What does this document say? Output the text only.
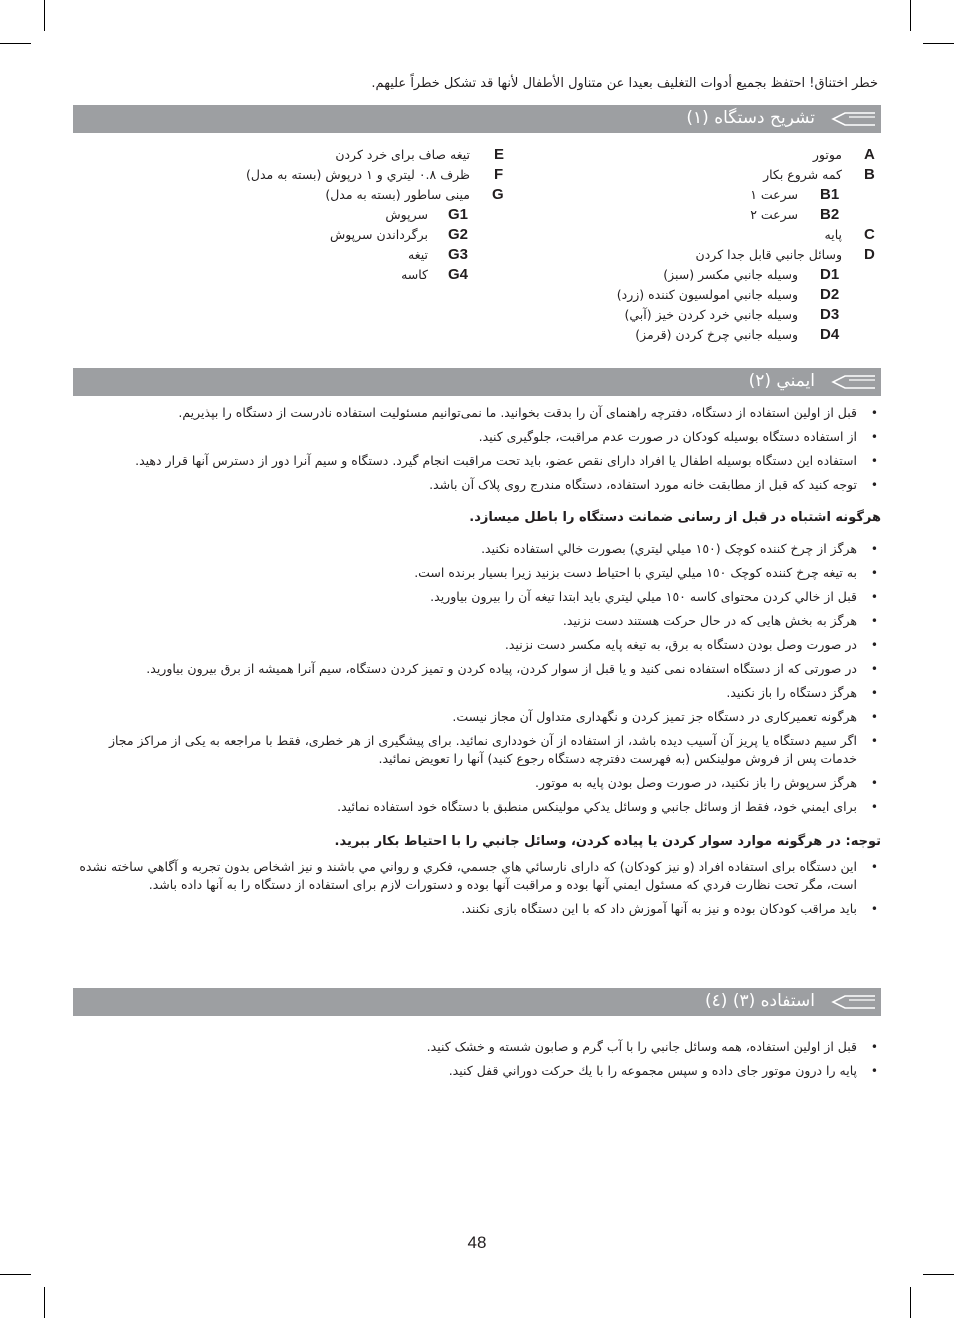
خطر اختناق! احتفظ بجميع أدوات التغليف بعيدا عن متناول الأطفال لأنها قد تشكل خطراً عليهم.
تشريح دستگاه (١)
A
موتور
B
کمه شروع بکار
B1
سرعت ١
B2
سرعت ٢
C
پایه
D
وسائل جانبي قابل جدا کردن
D1
وسیله جانبي مکسر (سبز)
D2
وسیله جانبي امولسیون کننده (زرد)
D3
وسیله جانبي خرد کردن خیز (آبي)
D4
وسیله جانبي چرخ کردن (قرمز)
E
تیغه صاف برای خرد کردن
F
ظرف ٠.٨ لیتري و ١ درپوش (بسته به مدل)
G
مینی ساطور (بسته به مدل)
G1
سرپوش
G2
برگرداندن سرپوش
G3
تیغه
G4
کاسه
ايمني (٢)
• قبل از اولین استفاده از دستگاه، دفترچه راهنمای آن را بدقت بخوانید. ما نمی‌توانیم مسئولیت استفاده نادرست از دستگاه را بپذیریم.
• از استفاده دستگاه بوسیله کودکان در صورت عدم مراقبت، جلوگیری کنید.
• استفاده این دستگاه بوسیله اطفال یا افراد دارای نقص عضو، باید تحت مراقبت انجام گیرد. دستگاه و سیم آنرا دور از دسترس آنها قرار دهید.
• توجه کنید که قبل از مطابقت خانه مورد استفاده، دستگاه مندرج روی پلاک آن باشد.
هرگونه اشتباه در قبل از رسانی ضمانت دستگاه را باطل میسازد.
• هرگز از چرخ کننده کوچک (١٥٠ میلي لیتري) بصورت خالي استفاده نکنید.
• به تیغه چرخ کننده کوچک ١٥٠ میلي لیتري با احتیاط دست بزنید زیرا بسیار برنده است.
• قبل از خالي کردن محتوای کاسه ١٥٠ میلي لیتري باید ابتدا تیغه آن را بیرون بیاورید.
• هرگز به بخش هایی که در حال حرکت هستند دست نزنید.
• در صورت وصل بودن دستگاه به برق، به تیغه پایه مکسر دست نزنید.
• در صورتی که از دستگاه استفاده نمی کنید و یا قبل از سوار کردن، پیاده کردن و تمیز کردن دستگاه، سیم آنرا همیشه از برق بیرون بیاورید.
• هرگز دستگاه را باز نکنید.
• هرگونه تعمیرکاری در دستگاه جز تمیز کردن و نگهداری متداول آن مجاز نیست.
• اگر سیم دستگاه یا پریز آن آسیب دیده باشد، از استفاده از آن خودداری نمائید. برای پیشگیری از هر خطری، فقط با مراجعه به یکی از مراکز مجاز خدمات پس از فروش مولینکس (به فهرست دفترچه دستگاه رجوع کنید) آنها را تعویض نمائید.
• هرگز سرپوش را باز نکنید، در صورت وصل بودن پایه به موتور.
• برای ایمني خود، فقط از وسائل جانبي و وسائل یدکي مولینکس منطبق با دستگاه خود استفاده نمائید.
توجه: در هرگونه موارد سوار کردن یا پیاده کردن، وسائل جانبي را با احتیاط بکار ببرید.
• این دستگاه برای استفاده افراد (و نیز کودکان) که دارای نارسائي هاي جسمي، فكري و رواني مي باشند و نيز اشخاص بدون تجربه و آگاهي ساخته نشده است، مگر تحت نظارت فردي كه مسئول ايمني آنها بوده و مراقبت آنها بوده و دستورات لازم برای استفاده از دستگاه را به آنها داده باشد.
• باید مراقب کودکان بوده و نیز به آنها آموزش داد که با این دستگاه بازی نکنند.
استفاده (٣) (٤)
• قبل از اولین استفاده، همه وسائل جانبي را با آب گرم و صابون شسته و خشک کنید.
• پایه را درون موتور جای داده و سپس مجموعه را با یك حرکت دوراني قفل کنید.
48
